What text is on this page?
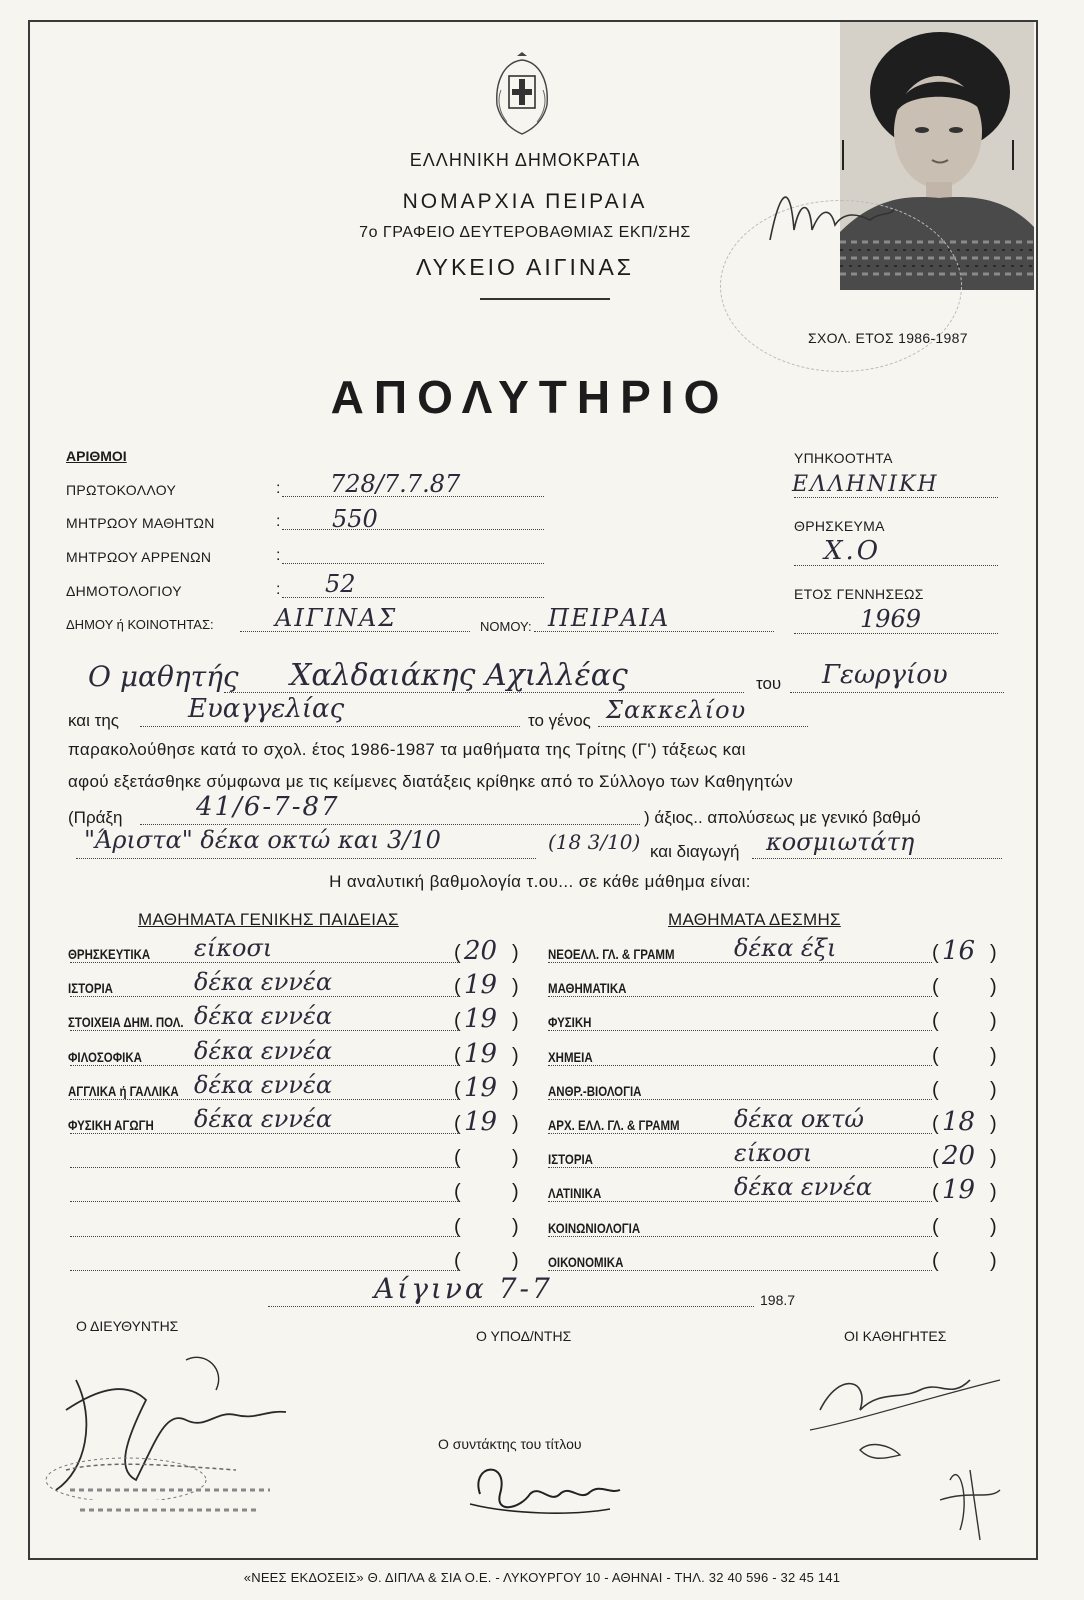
ΕΛΛΗΝΙΚΗ ΔΗΜΟΚΡΑΤΙΑ
ΝΟΜΑΡΧΙΑ ΠΕΙΡΑΙΑ
7ο ΓΡΑΦΕΙΟ ΔΕΥΤΕΡΟΒΑΘΜΙΑΣ ΕΚΠ/ΣΗΣ
ΛΥΚΕΙΟ ΑΙΓΙΝΑΣ
ΣΧΟΛ. ΕΤΟΣ 1986-1987
ΑΠΟΛΥΤΗΡΙΟ
ΑΡΙΘΜΟΙ
ΠΡΩΤΟΚΟΛΛΟΥ	: 728/7.7.87
ΜΗΤΡΩΟΥ ΜΑΘΗΤΩΝ	: 550
ΜΗΤΡΩΟΥ ΑΡΡΕΝΩΝ	:
ΔΗΜΟΤΟΛΟΓΙΟΥ	: 52
ΔΗΜΟΥ ή ΚΟΙΝΟΤΗΤΑΣ:	ΑΙΓΙΝΑΣ	ΝΟΜΟΥ: ΠΕΙΡΑΙΑ
ΥΠΗΚΟΟΤΗΤΑ
ΕΛΛΗΝΙΚΗ
ΘΡΗΣΚΕΥΜΑ
Χ.Ο
ΕΤΟΣ ΓΕΝΝΗΣΕΩΣ
1969
Ο μαθητής Χαλδαιάκης Αχιλλέας	του Γεωργίου
και της	Ευαγγελίας	το γένος Σακκελίου
παρακολούθησε κατά το σχολ. έτος 1986-1987 τα μαθήματα της Τρίτης (Γ') τάξεως και
αφού εξετάσθηκε σύμφωνα με τις κείμενες διατάξεις κρίθηκε από το Σύλλογο των Καθηγητών
(Πράξη	41/6-7-87	) άξιος.. απολύσεως με γενικό βαθμό
"Άριστα" δέκα οκτώ και 3/10	(18 3/10) και διαγωγή κοσμιωτάτη
Η αναλυτική βαθμολογία τ.ου... σε κάθε μάθημα είναι:
ΜΑΘΗΜΑΤΑ ΓΕΝΙΚΗΣ ΠΑΙΔΕΙΑΣ	ΜΑΘΗΜΑΤΑ ΔΕΣΜΗΣ
ΘΡΗΣΚΕΥΤΙΚΑ είκοσι	( 20 )
ΙΣΤΟΡΙΑ	δέκα εννέα	( 19 )
ΣΤΟΙΧΕΙΑ ΔΗΜ. ΠΟΛ. δέκα εννέα	( 19 )
ΦΙΛΟΣΟΦΙΚΑ δέκα εννέα	( 19 )
ΑΓΓΛΙΚΑ ή ΓΑΛΛΙΚΑ δέκα εννέα	( 19 )
ΦΥΣΙΚΗ ΑΓΩΓΗ δέκα εννέα	( 19 )
(	)
(	)
(	)
(	)
ΝΕΟΕΛΛ. ΓΛ. & ΓΡΑΜΜ δέκα έξι	( 16 )
ΜΑΘΗΜΑΤΙΚΑ	(	)
ΦΥΣΙΚΗ	(	)
ΧΗΜΕΙΑ	(	)
ΑΝΘΡ.-ΒΙΟΛΟΓΙΑ	(	)
ΑΡΧ. ΕΛΛ. ΓΛ. & ΓΡΑΜΜ δέκα οκτώ	( 18 )
ΙΣΤΟΡΙΑ	είκοσι	( 20 )
ΛΑΤΙΝΙΚΑ	δέκα εννέα	( 19 )
ΚΟΙΝΩΝΙΟΛΟΓΙΑ	(	)
ΟΙΚΟΝΟΜΙΚΑ	(	)
Αίγινα 7-7	198.7
Ο ΔΙΕΥΘΥΝΤΗΣ
Ο ΥΠΟΔ/ΝΤΗΣ	ΟΙ ΚΑΘΗΓΗΤΕΣ
Ο συντάκτης του τίτλου
«ΝΕΕΣ ΕΚΔΟΣΕΙΣ» Θ. ΔΙΠΛΑ & ΣΙΑ Ο.Ε. - ΛΥΚΟΥΡΓΟΥ 10 - ΑΘΗΝΑΙ - ΤΗΛ. 32 40 596 - 32 45 141
